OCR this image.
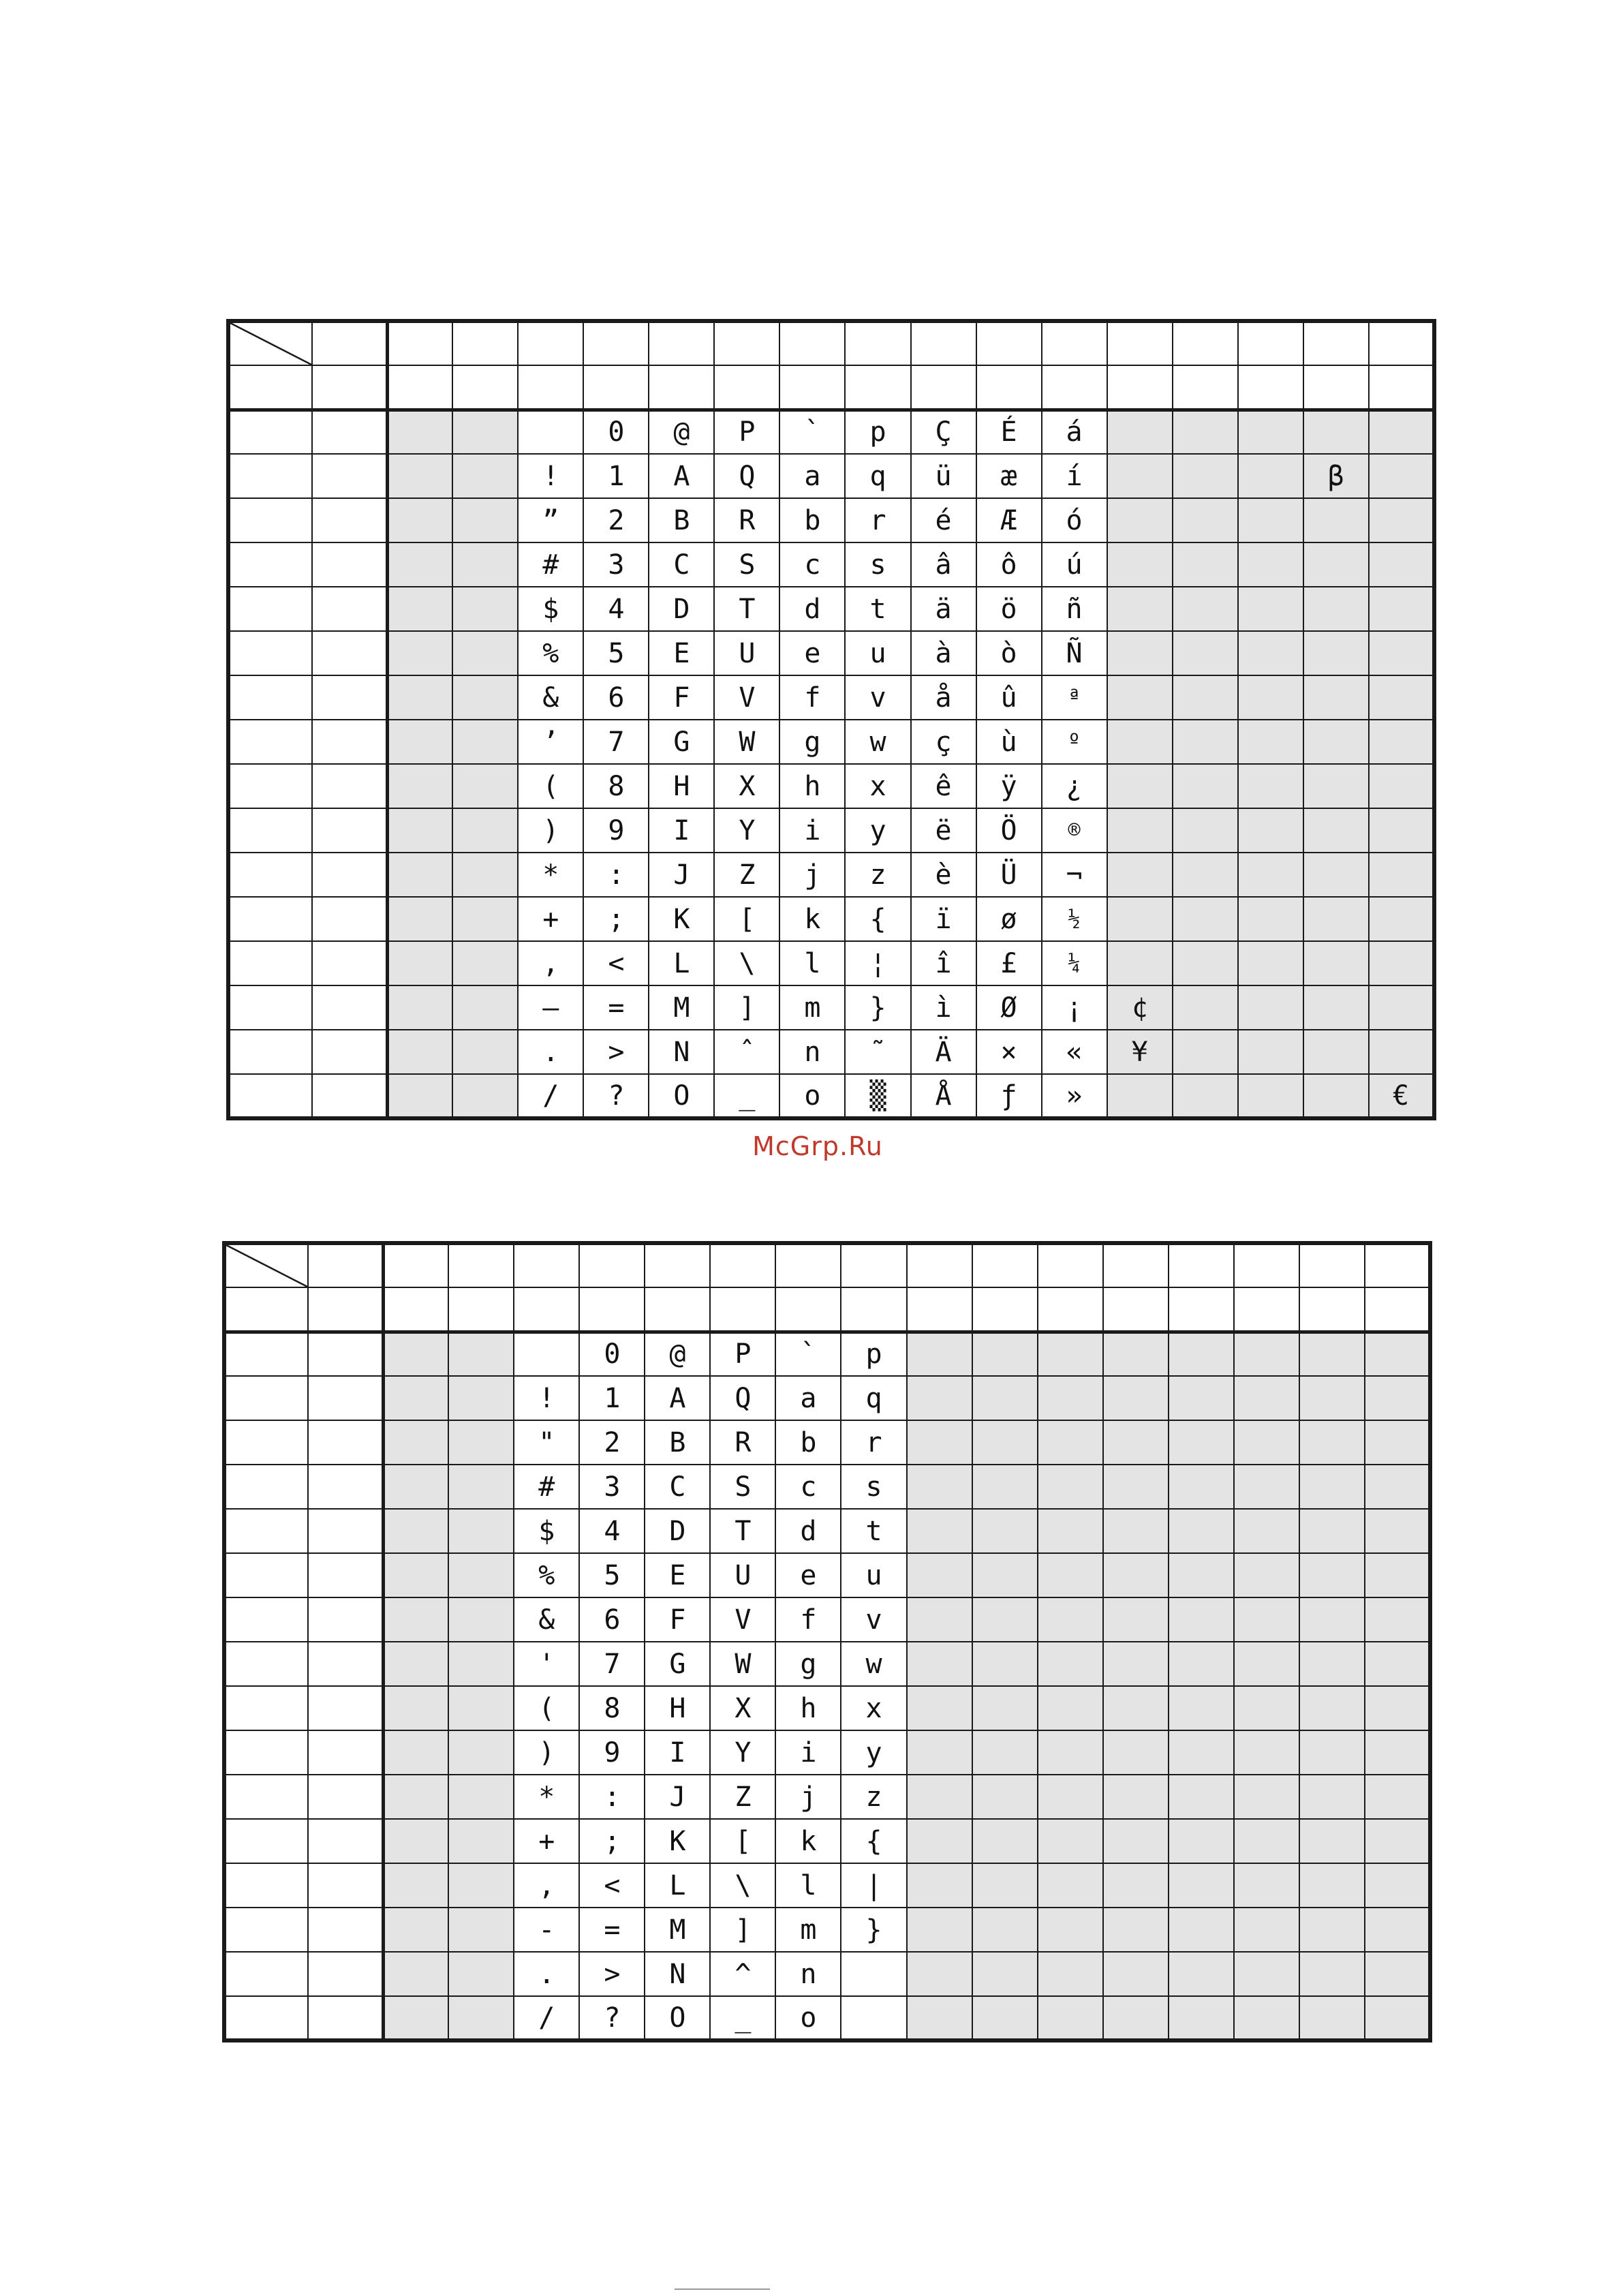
					0	@	P	`	p	Ç	É	á					
				!	1	A	Q	a	q	ü	æ	í				β	
				”	2	B	R	b	r	é	Æ	ó					
				#	3	C	S	c	s	â	ô	ú					
				$	4	D	T	d	t	ä	ö	ñ					
				%	5	E	U	e	u	à	ò	Ñ					
				&	6	F	V	f	v	å	û	ª					
				’	7	G	W	g	w	ç	ù	º					
				(	8	H	X	h	x	ê	ÿ	¿					
				)	9	I	Y	i	y	ë	Ö	®					
				*	:	J	Z	j	z	è	Ü	¬					
				+	;	K	[	k	{	ï	ø	½					
				,	<	L	\	l	¦	î	£	¼					
				–	=	M	]	m	}	ì	Ø	¡	¢				
				.	>	N	ˆ	n	˜	Ä	×	«	¥				
				/	?	O	_	o	▒	Å	ƒ	»					€
McGrp.Ru

					0	@	P	`	p								
				!	1	A	Q	a	q								
				"	2	B	R	b	r								
				#	3	C	S	c	s								
				$	4	D	T	d	t								
				%	5	E	U	e	u								
				&	6	F	V	f	v								
				'	7	G	W	g	w								
				(	8	H	X	h	x								
				)	9	I	Y	i	y								
				*	:	J	Z	j	z								
				+	;	K	[	k	{								
				,	<	L	\	l	|								
				-	=	M	]	m	}								
				.	>	N	^	n									
				/	?	O	_	o									
